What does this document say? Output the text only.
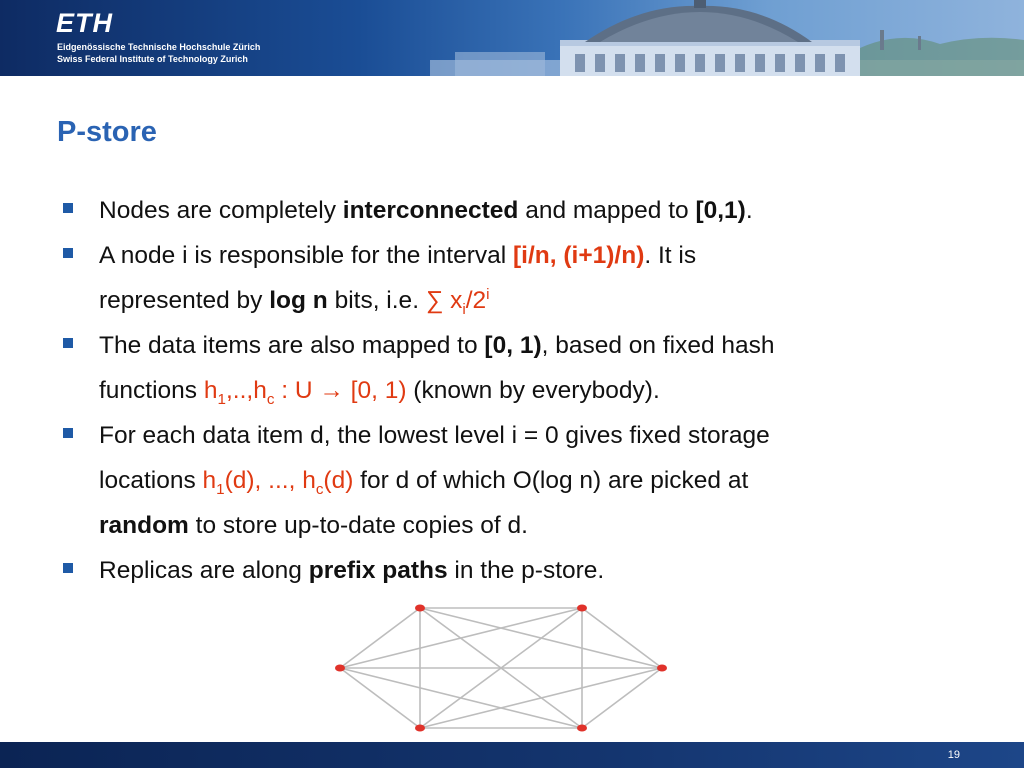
ETH
Eidgenössische Technische Hochschule Zürich
Swiss Federal Institute of Technology Zurich
P-store
Nodes are completely interconnected and mapped to [0,1).
A node i is responsible for the interval [i/n, (i+1)/n). It is
represented by log n bits, i.e. ∑ $x_i/2^i$
The data items are also mapped to [0, 1), based on fixed hash
functions $h_1,..,h_c$ : U → [0, 1) (known by everybody).
For each data item d, the lowest level i = 0 gives fixed storage
locations $h_1(d)$, ..., $h_c(d)$ for d of which O(log n) are picked at
random to store up-to-date copies of d.
Replicas are along prefix paths in the p-store.
19
